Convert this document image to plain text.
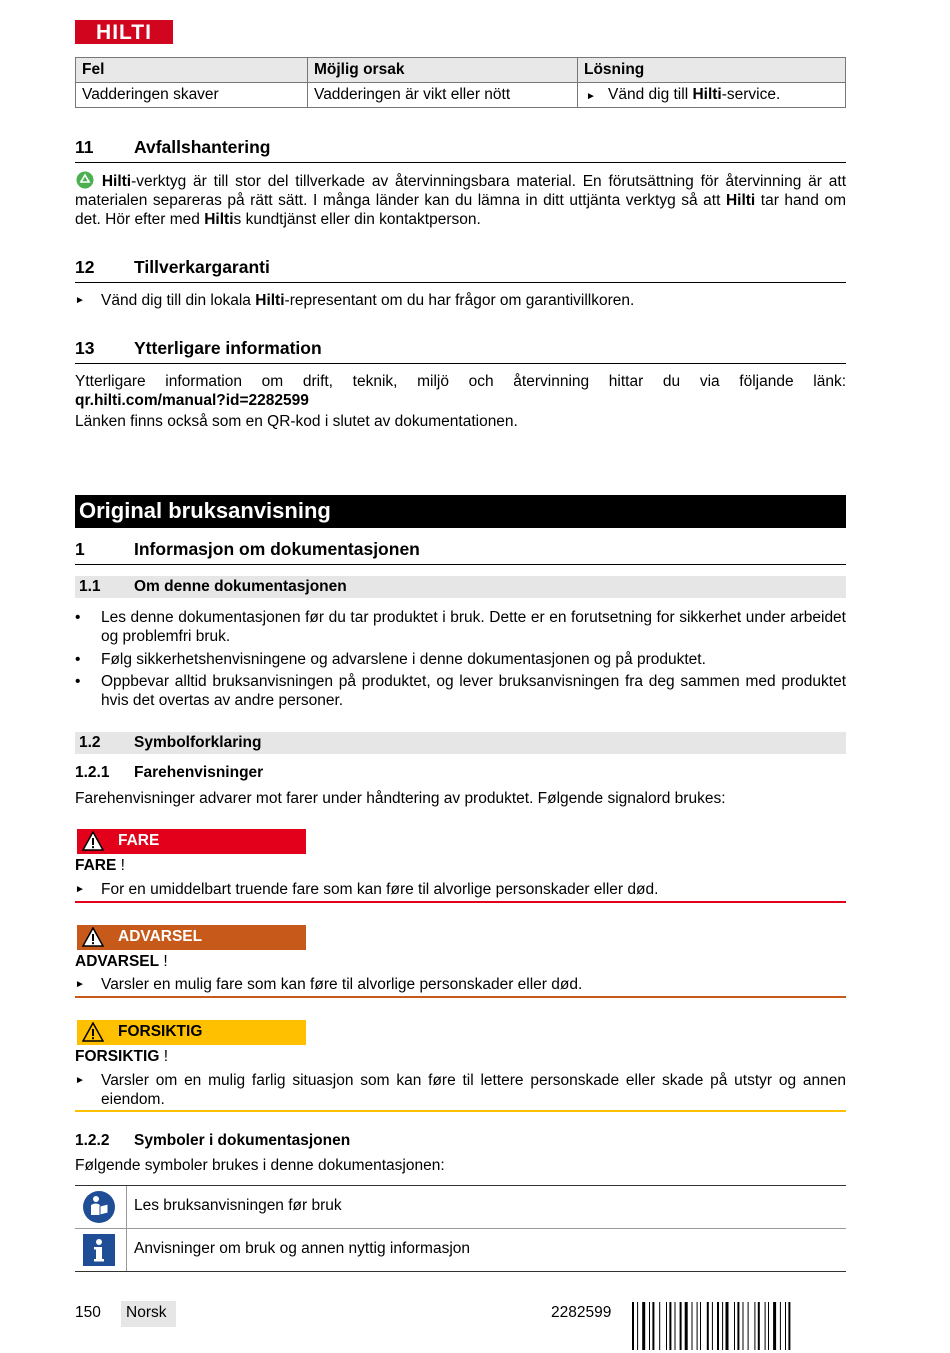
HILTI
Fel	Möjlig orsak	Lösning
Vadderingen skaver	Vadderingen är vikt eller nött	► Vänd dig till Hilti-service.
11 Avfallshantering
Hilti-verktyg är till stor del tillverkade av återvinningsbara material. En förutsättning för återvinning är att materialen separeras på rätt sätt. I många länder kan du lämna in ditt uttjänta verktyg så att Hilti tar hand om det. Hör efter med Hiltis kundtjänst eller din kontaktperson.
12 Tillverkargaranti
► Vänd dig till din lokala Hilti-representant om du har frågor om garantivillkoren.
13 Ytterligare information
Ytterligare information om drift, teknik, miljö och återvinning hittar du via följande länk:
qr.hilti.com/manual?id=2282599
Länken finns också som en QR-kod i slutet av dokumentationen.
Original bruksanvisning
1	Informasjon om dokumentasjonen
1.1 Om denne dokumentasjonen
• Les denne dokumentasjonen før du tar produktet i bruk. Dette er en forutsetning for sikkerhet under arbeidet og problemfri bruk.
• Følg sikkerhetshenvisningene og advarslene i denne dokumentasjonen og på produktet.
• Oppbevar alltid bruksanvisningen på produktet, og lever bruksanvisningen fra deg sammen med produktet hvis det overtas av andre personer.
1.2 Symbolforklaring
1.2.1 Farehenvisninger
Farehenvisninger advarer mot farer under håndtering av produktet. Følgende signalord brukes:
FARE
FARE !
► For en umiddelbart truende fare som kan føre til alvorlige personskader eller død.
ADVARSEL
ADVARSEL !
► Varsler en mulig fare som kan føre til alvorlige personskader eller død.
FORSIKTIG
FORSIKTIG !
► Varsler om en mulig farlig situasjon som kan føre til lettere personskade eller skade på utstyr og annen eiendom.
1.2.2 Symboler i dokumentasjonen
Følgende symboler brukes i denne dokumentasjonen:
Les bruksanvisningen før bruk
Anvisninger om bruk og annen nyttig informasjon
150 Norsk	2282599
